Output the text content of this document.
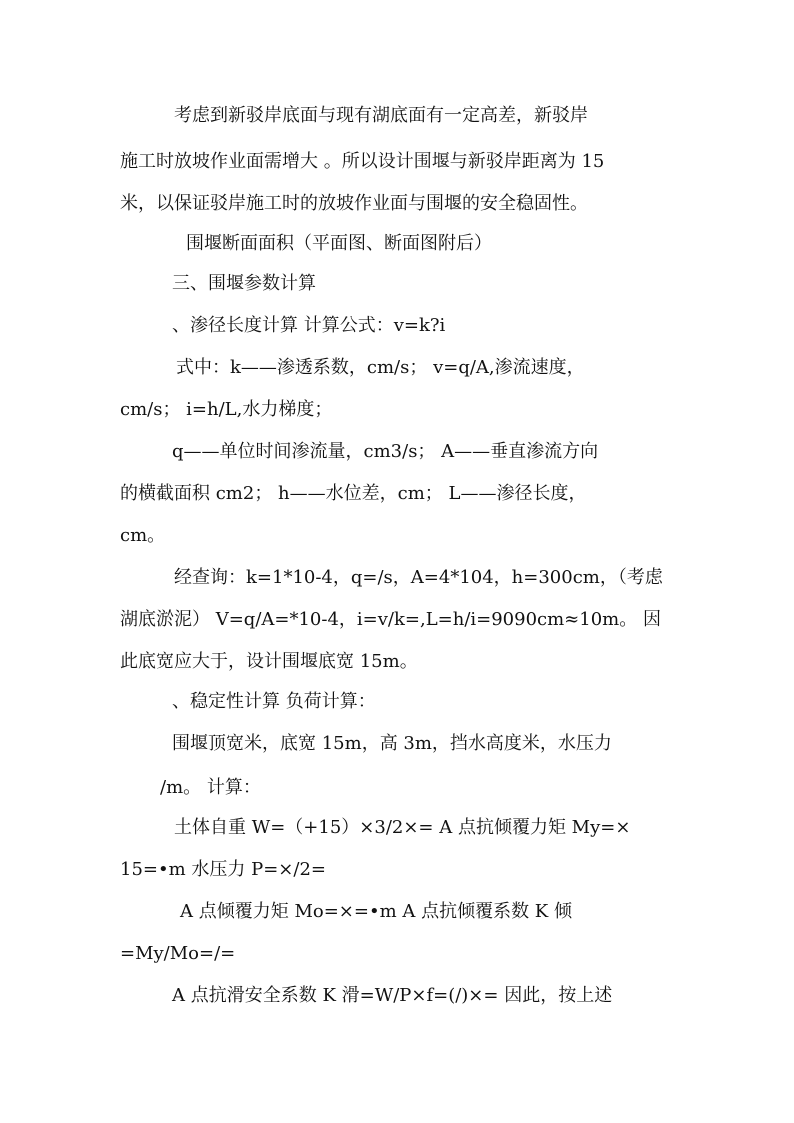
考虑到新驳岸底面与现有湖底面有一定高差，新驳岸
施工时放坡作业面需增大 。所以设计围堰与新驳岸距离为 15
米，以保证驳岸施工时的放坡作业面与围堰的安全稳固性。
围堰断面面积（平面图、断面图附后）
三、围堰参数计算
、渗径长度计算 计算公式：v=k?i
式中：k——渗透系数，cm/s； v=q/A,渗流速度，
cm/s； i=h/L,水力梯度；
q——单位时间渗流量，cm3/s； A——垂直渗流方向
的横截面积 cm2； h——水位差，cm； L——渗径长度，
cm。
经查询：k=1*10-4，q=/s，A=4*104，h=300cm，（考虑
湖底淤泥） V=q/A=*10-4，i=v/k=,L=h/i=9090cm≈10m。 因
此底宽应大于，设计围堰底宽 15m。
、稳定性计算 负荷计算：
围堰顶宽米，底宽 15m，高 3m，挡水高度米，水压力
/m。 计算：
土体自重 W=（+15）×3/2×= A 点抗倾覆力矩 My=×
15=•m 水压力 P=×/2=
A 点倾覆力矩 Mo=×=•m A 点抗倾覆系数 K 倾
=My/Mo=/=
A 点抗滑安全系数 K 滑=W/P×f=(/)×= 因此，按上述
